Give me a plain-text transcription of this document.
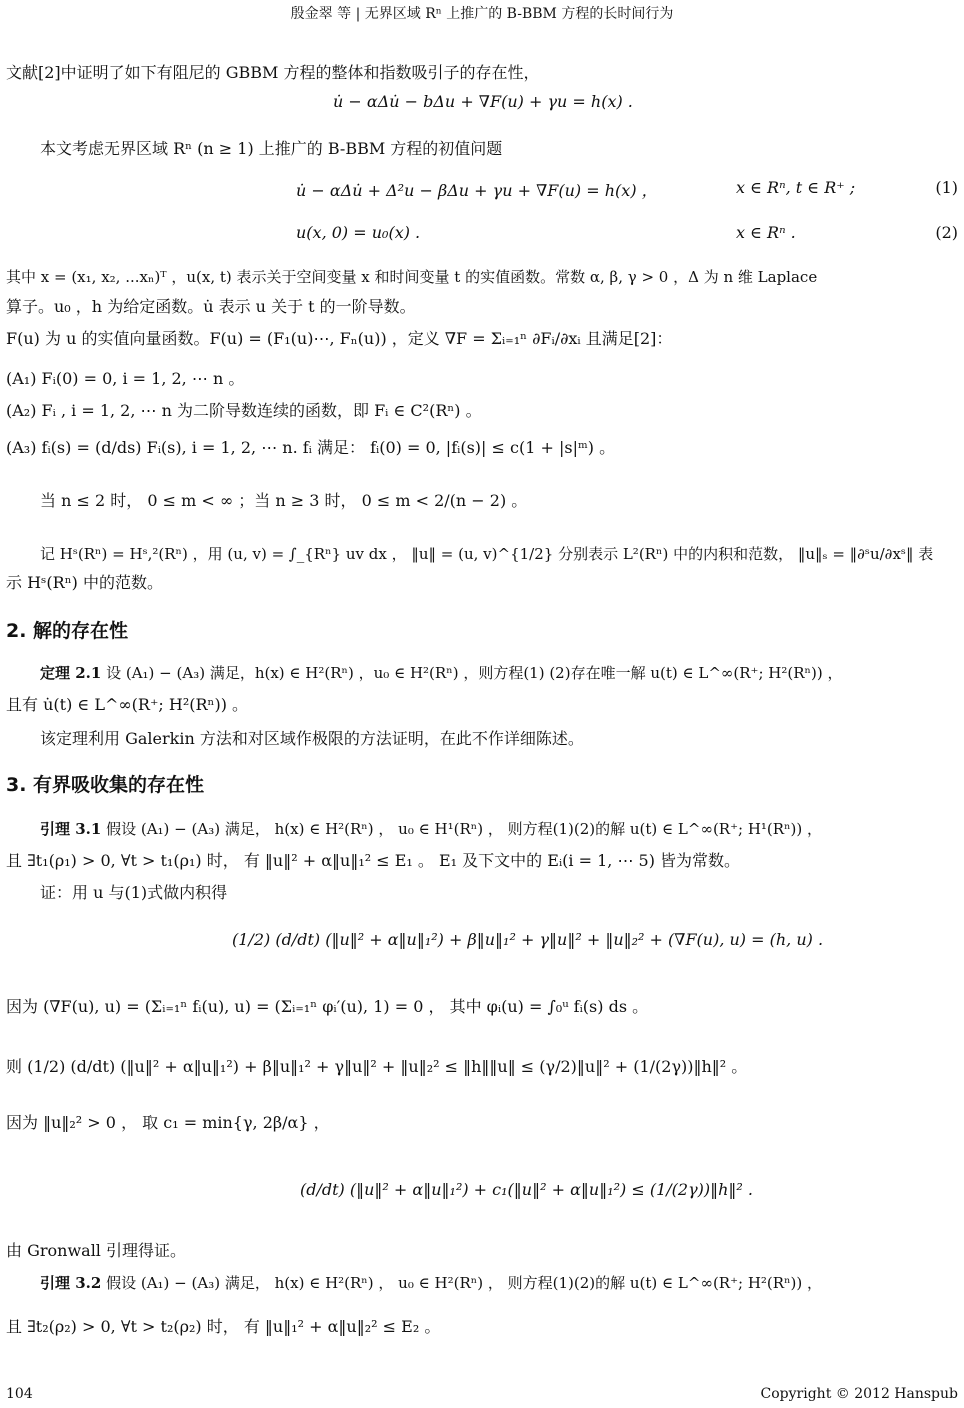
殷金翠 等 | 无界区域 Rⁿ 上推广的 B-BBM 方程的长时间行为
文献[2]中证明了如下有阻尼的 GBBM 方程的整体和指数吸引子的存在性，
u̇ − αΔu̇ − bΔu + ∇F(u) + γu = h(x) .
本文考虑无界区域 Rⁿ (n ≥ 1) 上推广的 B-BBM 方程的初值问题
u̇ − αΔu̇ + Δ²u − βΔu + γu + ∇̄F(u) = h(x) ，	x ∈ Rⁿ, t ∈ R⁺ ;	(1)
u(x, 0) = u₀(x) .	x ∈ Rⁿ .	(2)
其中 x = (x₁, x₂, ...xₙ)ᵀ ，u(x, t) 表示关于空间变量 x 和时间变量 t 的实值函数。常数 α, β, γ > 0 ，Δ 为 n 维 Laplace
算子。u₀ ，h 为给定函数。u̇ 表示 u 关于 t 的一阶导数。
F(u) 为 u 的实值向量函数。F(u) = (F₁(u)⋯, Fₙ(u)) ，定义 ∇̄F = Σᵢ₌₁ⁿ ∂Fᵢ/∂xᵢ 且满足[2]：
(A₁) Fᵢ(0) = 0, i = 1, 2, ⋯ n 。
(A₂) Fᵢ , i = 1, 2, ⋯ n 为二阶导数连续的函数，即 Fᵢ ∈ C²(Rⁿ) 。
(A₃) fᵢ(s) = (d/ds) Fᵢ(s), i = 1, 2, ⋯ n. fᵢ 满足： fᵢ(0) = 0, |fᵢ(s)| ≤ c(1 + |s|ᵐ) 。
当 n ≤ 2 时， 0 ≤ m < ∞ ；当 n ≥ 3 时， 0 ≤ m < 2/(n − 2) 。
记 Hˢ(Rⁿ) = Hˢ,²(Rⁿ) ，用 (u, v) = ∫_{Rⁿ} uv dx ， ‖u‖ = (u, v)^{1/2} 分别表示 L²(Rⁿ) 中的内积和范数， ‖u‖ₛ = ‖∂ˢu/∂xˢ‖ 表
示 Hˢ(Rⁿ) 中的范数。
2. 解的存在性
定理 2.1 设 (A₁) − (A₃) 满足，h(x) ∈ H²(Rⁿ) ，u₀ ∈ H²(Rⁿ) ，则方程(1) (2)存在唯一解 u(t) ∈ L^∞(R⁺; H²(Rⁿ)) ，
且有 u̇(t) ∈ L^∞(R⁺; H²(Rⁿ)) 。
该定理利用 Galerkin 方法和对区域作极限的方法证明，在此不作详细陈述。
3. 有界吸收集的存在性
引理 3.1 假设 (A₁) − (A₃) 满足， h(x) ∈ H²(Rⁿ) ， u₀ ∈ H¹(Rⁿ) ， 则方程(1)(2)的解 u(t) ∈ L^∞(R⁺; H¹(Rⁿ)) ，
且 ∃t₁(ρ₁) > 0, ∀t > t₁(ρ₁) 时， 有 ‖u‖² + α‖u‖₁² ≤ E₁ 。 E₁ 及下文中的 Eᵢ(i = 1, ⋯ 5) 皆为常数。
证：用 u 与(1)式做内积得
(1/2) (d/dt) (‖u‖² + α‖u‖₁²) + β‖u‖₁² + γ‖u‖² + ‖u‖₂² + (∇̄F(u), u) = (h, u) .
因为 (∇̄F(u), u) = (Σᵢ₌₁ⁿ fᵢ(u), u) = (Σᵢ₌₁ⁿ φᵢ′(u), 1) = 0 ， 其中 φᵢ(u) = ∫₀ᵘ fᵢ(s) ds 。
则 (1/2) (d/dt) (‖u‖² + α‖u‖₁²) + β‖u‖₁² + γ‖u‖² + ‖u‖₂² ≤ ‖h‖‖u‖ ≤ (γ/2)‖u‖² + (1/(2γ))‖h‖² 。
因为 ‖u‖₂² > 0 ， 取 c₁ = min{γ, 2β/α} ，
(d/dt) (‖u‖² + α‖u‖₁²) + c₁(‖u‖² + α‖u‖₁²) ≤ (1/(2γ))‖h‖² .
由 Gronwall 引理得证。
引理 3.2 假设 (A₁) − (A₃) 满足， h(x) ∈ H²(Rⁿ) ， u₀ ∈ H²(Rⁿ) ， 则方程(1)(2)的解 u(t) ∈ L^∞(R⁺; H²(Rⁿ)) ，
且 ∃t₂(ρ₂) > 0, ∀t > t₂(ρ₂) 时， 有 ‖u‖₁² + α‖u‖₂² ≤ E₂ 。
104	Copyright © 2012 Hanspub
